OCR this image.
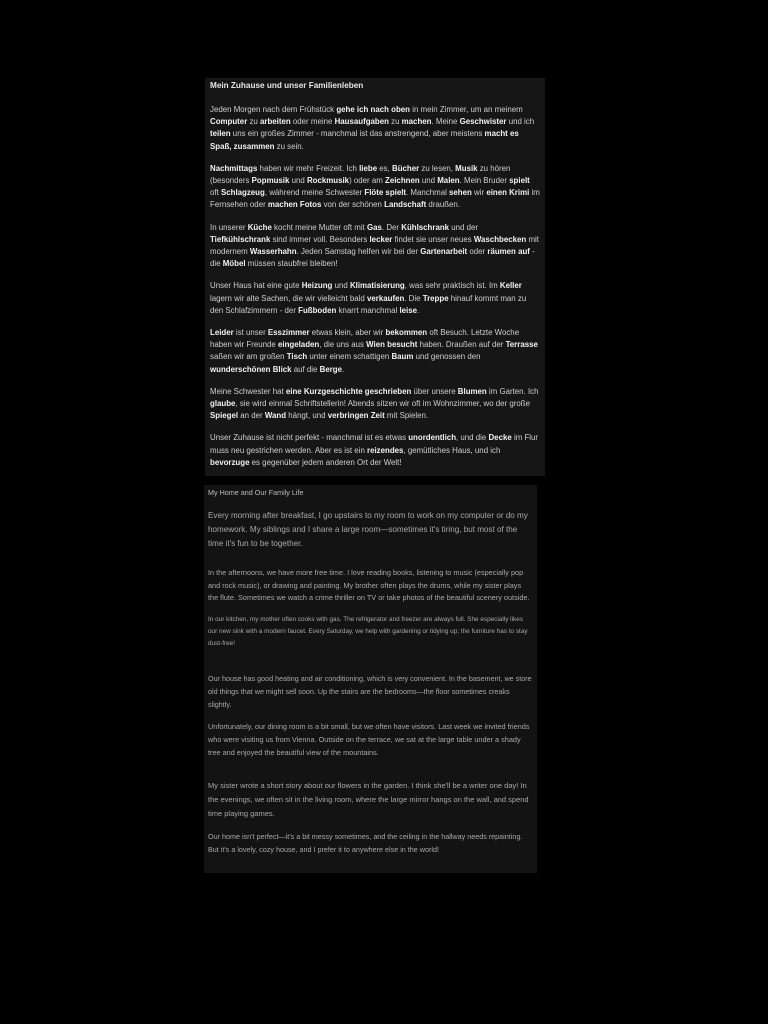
Mein Zuhause und unser Familienleben

Jeden Morgen nach dem Frühstück gehe ich nach oben in mein Zimmer, um an meinem Computer zu arbeiten oder meine Hausaufgaben zu machen. Meine Geschwister und ich teilen uns ein großes Zimmer - manchmal ist das anstrengend, aber meistens macht es Spaß, zusammen zu sein.

Nachmittags haben wir mehr Freizeit. Ich liebe es, Bücher zu lesen, Musik zu hören (besonders Popmusik und Rockmusik) oder am Zeichnen und Malen. Mein Bruder spielt oft Schlagzeug, während meine Schwester Flöte spielt. Manchmal sehen wir einen Krimi im Fernsehen oder machen Fotos von der schönen Landschaft draußen.

In unserer Küche kocht meine Mutter oft mit Gas. Der Kühlschrank und der Tiefkühlschrank sind immer voll. Besonders lecker findet sie unser neues Waschbecken mit modernem Wasserhahn. Jeden Samstag helfen wir bei der Gartenarbeit oder räumen auf - die Möbel müssen staubfrei bleiben!

Unser Haus hat eine gute Heizung und Klimatisierung, was sehr praktisch ist. Im Keller lagern wir alte Sachen, die wir vielleicht bald verkaufen. Die Treppe hinauf kommt man zu den Schlafzimmern - der Fußboden knarrt manchmal leise.

Leider ist unser Esszimmer etwas klein, aber wir bekommen oft Besuch. Letzte Woche haben wir Freunde eingeladen, die uns aus Wien besucht haben. Draußen auf der Terrasse saßen wir am großen Tisch unter einem schattigen Baum und genossen den wunderschönen Blick auf die Berge.

Meine Schwester hat eine Kurzgeschichte geschrieben über unsere Blumen im Garten. Ich glaube, sie wird einmal Schriftstellerin! Abends sitzen wir oft im Wohnzimmer, wo der große Spiegel an der Wand hängt, und verbringen Zeit mit Spielen.

Unser Zuhause ist nicht perfekt - manchmal ist es etwas unordentlich, und die Decke im Flur muss neu gestrichen werden. Aber es ist ein reizendes, gemütliches Haus, und ich bevorzuge es gegenüber jedem anderen Ort der Welt!

My Home and Our Family Life

Every morning after breakfast, I go upstairs to my room to work on my computer or do my homework. My siblings and I share a large room—sometimes it's tiring, but most of the time it's fun to be together.

In the afternoons, we have more free time. I love reading books, listening to music (especially pop and rock music), or drawing and painting. My brother often plays the drums, while my sister plays the flute. Sometimes we watch a crime thriller on TV or take photos of the beautiful scenery outside.

In our kitchen, my mother often cooks with gas. The refrigerator and freezer are always full. She especially likes our new sink with a modern faucet. Every Saturday, we help with gardening or tidying up; the furniture has to stay dust-free!

Our house has good heating and air conditioning, which is very convenient. In the basement, we store old things that we might sell soon. Up the stairs are the bedrooms—the floor sometimes creaks slightly.

Unfortunately, our dining room is a bit small, but we often have visitors. Last week we invited friends who were visiting us from Vienna. Outside on the terrace, we sat at the large table under a shady tree and enjoyed the beautiful view of the mountains.

My sister wrote a short story about our flowers in the garden. I think she'll be a writer one day! In the evenings, we often sit in the living room, where the large mirror hangs on the wall, and spend time playing games.

Our home isn't perfect—it's a bit messy sometimes, and the ceiling in the hallway needs repainting. But it's a lovely, cozy house, and I prefer it to anywhere else in the world!
